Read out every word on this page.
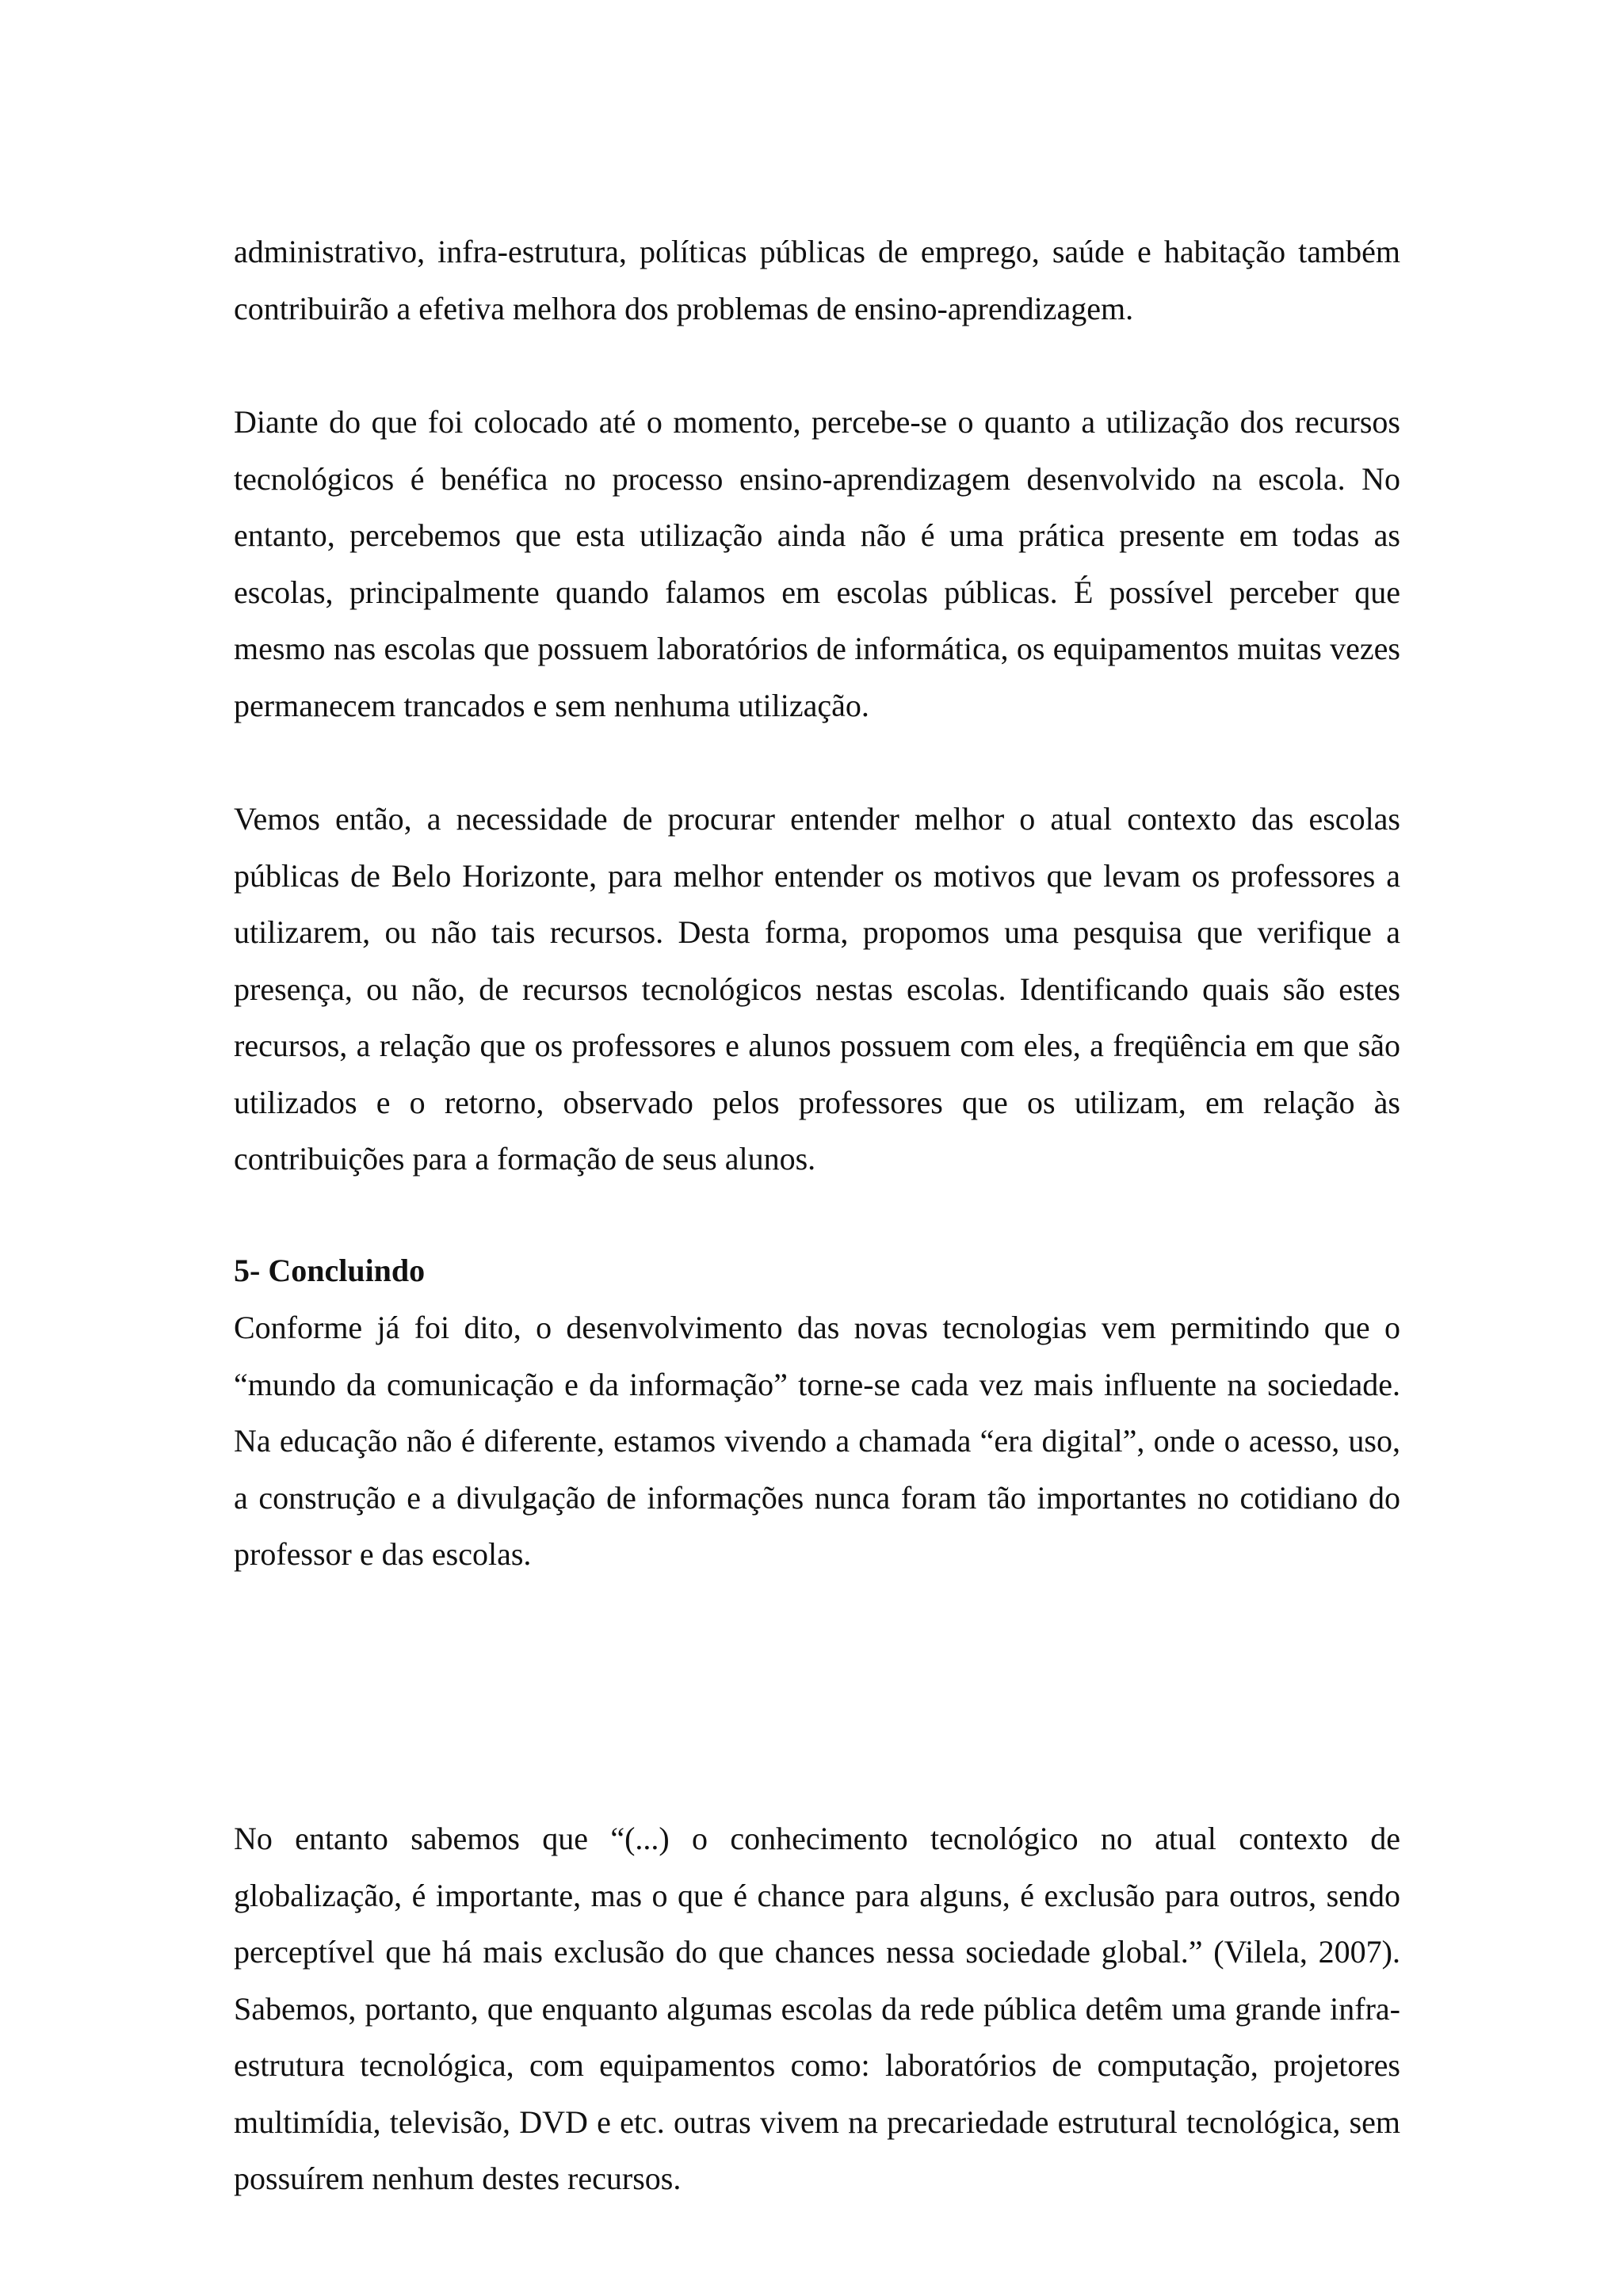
administrativo, infra-estrutura, políticas públicas de emprego, saúde e habitação também contribuirão a efetiva melhora dos problemas de ensino-aprendizagem.

Diante do que foi colocado até o momento, percebe-se o quanto a utilização dos recursos tecnológicos é benéfica no processo ensino-aprendizagem desenvolvido na escola. No entanto, percebemos que esta utilização ainda não é uma prática presente em todas as escolas, principalmente quando falamos em escolas públicas. É possível perceber que mesmo nas escolas que possuem laboratórios de informática, os equipamentos muitas vezes permanecem trancados e sem nenhuma utilização.

Vemos então, a necessidade de procurar entender melhor o atual contexto das escolas públicas de Belo Horizonte, para melhor entender os motivos que levam os professores a utilizarem, ou não tais recursos. Desta forma, propomos uma pesquisa que verifique a presença, ou não, de recursos tecnológicos nestas escolas. Identificando quais são estes recursos, a relação que os professores e alunos possuem com eles, a freqüência em que são utilizados e o retorno, observado pelos professores que os utilizam, em relação às contribuições para a formação de seus alunos.

5- Concluindo

Conforme já foi dito, o desenvolvimento das novas tecnologias vem permitindo que o “mundo da comunicação e da informação” torne-se cada vez mais influente na sociedade. Na educação não é diferente, estamos vivendo a chamada “era digital”, onde o acesso, uso, a construção e a divulgação de informações nunca foram tão importantes no cotidiano do professor e das escolas.

No entanto sabemos que “(...) o conhecimento tecnológico no atual contexto de globalização, é importante, mas o que é chance para alguns, é exclusão para outros, sendo perceptível que há mais exclusão do que chances nessa sociedade global.” (Vilela, 2007). Sabemos, portanto, que enquanto algumas escolas da rede pública detêm uma grande infra-estrutura tecnológica, com equipamentos como: laboratórios de computação, projetores multimídia, televisão, DVD e etc. outras vivem na precariedade estrutural tecnológica, sem possuírem nenhum destes recursos.
